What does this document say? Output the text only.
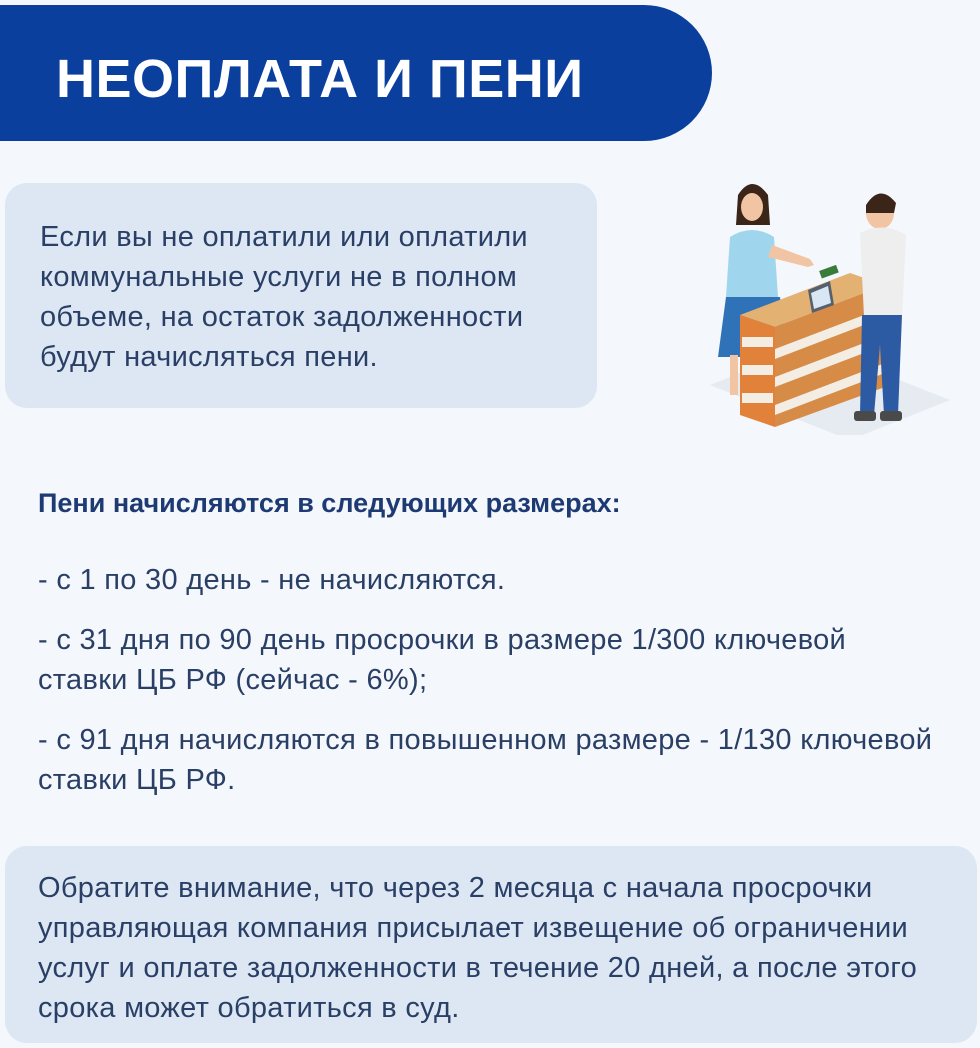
НЕОПЛАТА И ПЕНИ
Если вы не оплатили или оплатили коммунальные услуги не в полном объеме, на остаток задолженности будут начисляться пени.
Пени начисляются в следующих размерах:
- с 1 по 30 день - не начисляются.
- с 31 дня по 90 день просрочки в размере 1/300 ключевой ставки ЦБ РФ (сейчас - 6%);
- с 91 дня начисляются в повышенном размере - 1/130 ключевой ставки ЦБ РФ.
Обратите внимание, что через 2 месяца с начала просрочки управляющая компания присылает извещение об ограничении услуг и оплате задолженности в течение 20 дней, а после этого срока может обратиться в суд.
